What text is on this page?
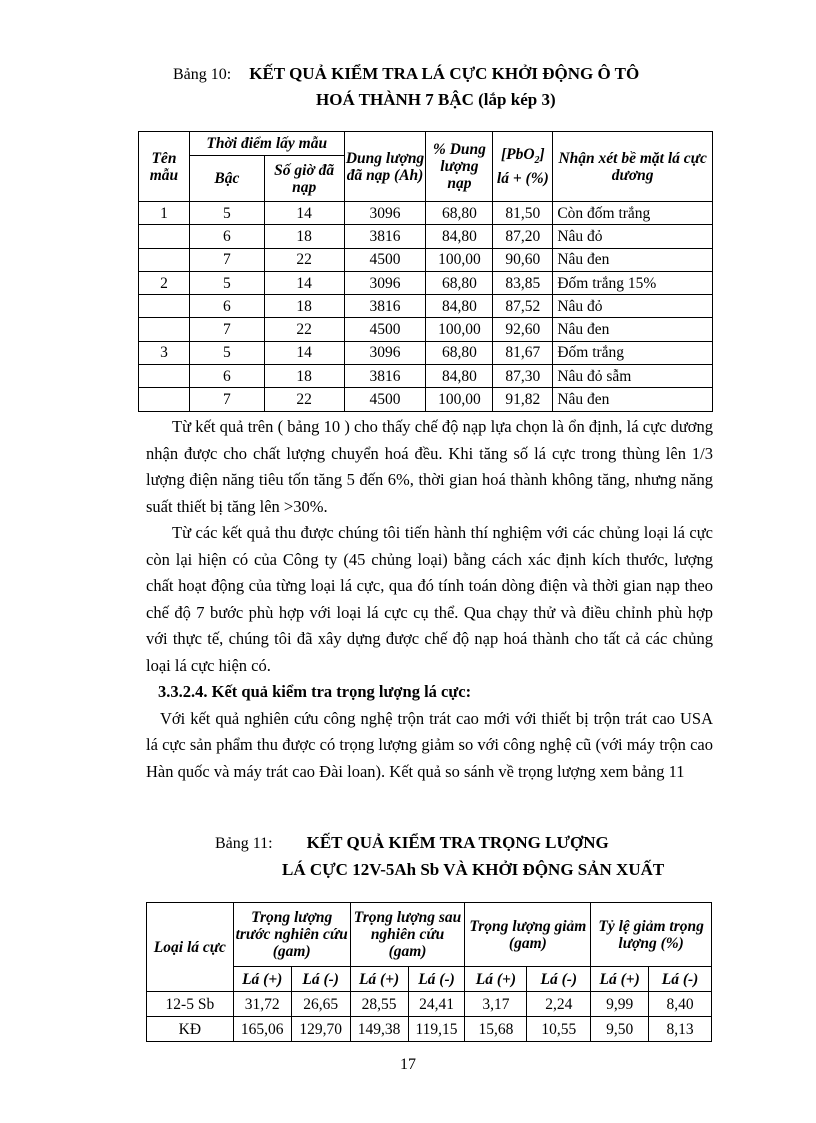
Bảng 10: KẾT QUẢ KIỂM TRA LÁ CỰC KHỞI ĐỘNG Ô TÔ
HOÁ THÀNH 7 BẬC (lắp kép 3)
Tên mẫu	Thời điểm lấy mẫu		Dung lượng đã nạp (Ah)	% Dung lượng nạp	[PbO$_2$] lá + (%)	Nhận xét bề mặt lá cực dương
	Bậc	Số giờ đã nạp				
1	5	14	3096	68,80	81,50	Còn đốm trắng
	6	18	3816	84,80	87,20	Nâu đỏ
	7	22	4500	100,00	90,60	Nâu đen
2	5	14	3096	68,80	83,85	Đốm trắng 15%
	6	18	3816	84,80	87,52	Nâu đỏ
	7	22	4500	100,00	92,60	Nâu đen
3	5	14	3096	68,80	81,67	Đốm trắng
	6	18	3816	84,80	87,30	Nâu đỏ sẫm
	7	22	4500	100,00	91,82	Nâu đen

Từ kết quả trên ( bảng 10 ) cho thấy chế độ nạp lựa chọn là ổn định, lá cực dương nhận được cho chất lượng chuyển hoá đều. Khi tăng số lá cực trong thùng lên 1/3 lượng điện năng tiêu tốn tăng 5 đến 6%, thời gian hoá thành không tăng, nhưng năng suất thiết bị tăng lên >30%.

Từ các kết quả thu được chúng tôi tiến hành thí nghiệm với các chủng loại lá cực còn lại hiện có của Công ty (45 chủng loại) bằng cách xác định kích thước, lượng chất hoạt động của từng loại lá cực, qua đó tính toán dòng điện và thời gian nạp theo chế độ 7 bước phù hợp với loại lá cực cụ thể. Qua chạy thử và điều chỉnh phù hợp với thực tế, chúng tôi đã xây dựng được chế độ nạp hoá thành cho tất cả các chủng loại lá cực hiện có.

3.3.2.4. Kết quả kiểm tra trọng lượng lá cực:

Với kết quả nghiên cứu công nghệ trộn trát cao mới với thiết bị trộn trát cao USA lá cực sản phẩm thu được có trọng lượng giảm so với công nghệ cũ (với máy trộn cao Hàn quốc và máy trát cao Đài loan). Kết quả so sánh về trọng lượng xem bảng 11

Bảng 11: KẾT QUẢ KIỂM TRA TRỌNG LƯỢNG
LÁ CỰC 12V-5Ah Sb VÀ KHỞI ĐỘNG SẢN XUẤT
Loại lá cực	Trọng lượng trước nghiên cứu (gam)		Trọng lượng sau nghiên cứu (gam)		Trọng lượng giảm (gam)		Tỷ lệ giảm trọng lượng (%)	
	Lá (+)	Lá (-)	Lá (+)	Lá (-)	Lá (+)	Lá (-)	Lá (+)	Lá (-)
12-5 Sb	31,72	26,65	28,55	24,41	3,17	2,24	9,99	8,40
KĐ	165,06	129,70	149,38	119,15	15,68	10,55	9,50	8,13
17
